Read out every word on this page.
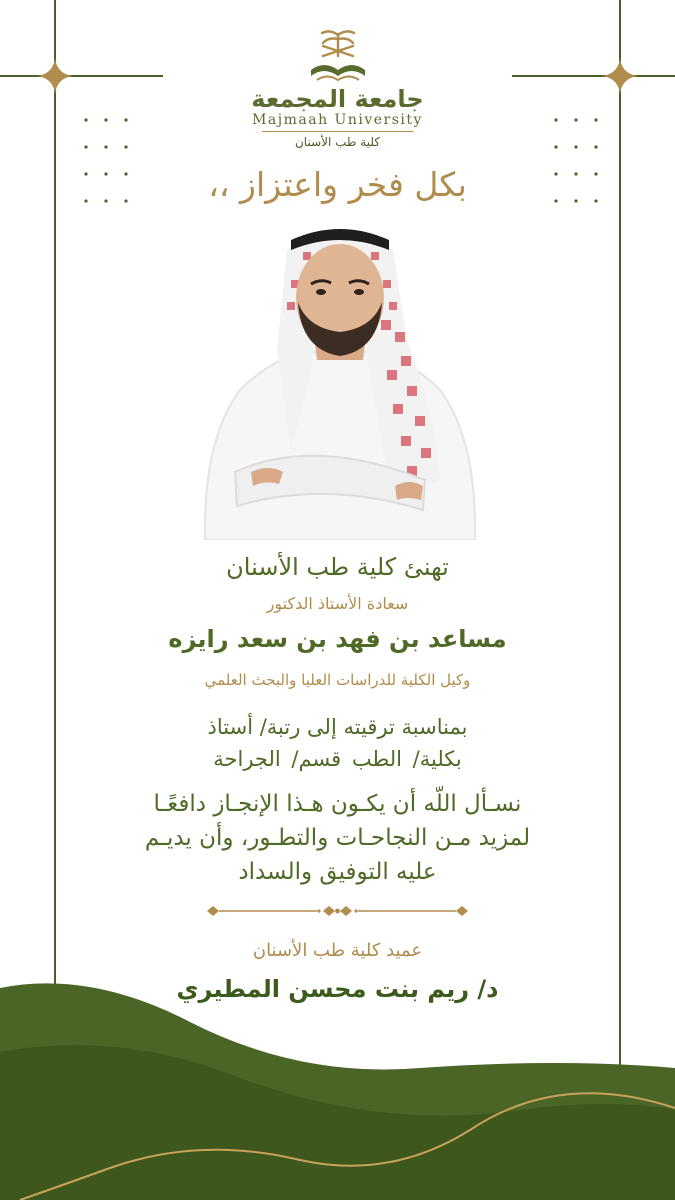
جامعة المجمعة
Majmaah University
كلية طب الأسنان
بكل فخر واعتزاز ،،
تهنئ كلية طب الأسنان
سعادة الأستاذ الدكتور
مساعد بن فهد بن سعد رايزه
وكيل الكلية للدراسات العليا والبحث العلمي
بمناسبة ترقيته إلى رتبة/ أستاذ
بكلية/ الطب قسم/ الجراحة
نسـأل اللّه أن يكـون هـذا الإنجـاز دافعًـا
لمزيد مـن النجاحـات والتطـور، وأن يديـم
عليه التوفيق والسداد
عميد كلية طب الأسنان
د/ ريم بنت محسن المطيري
